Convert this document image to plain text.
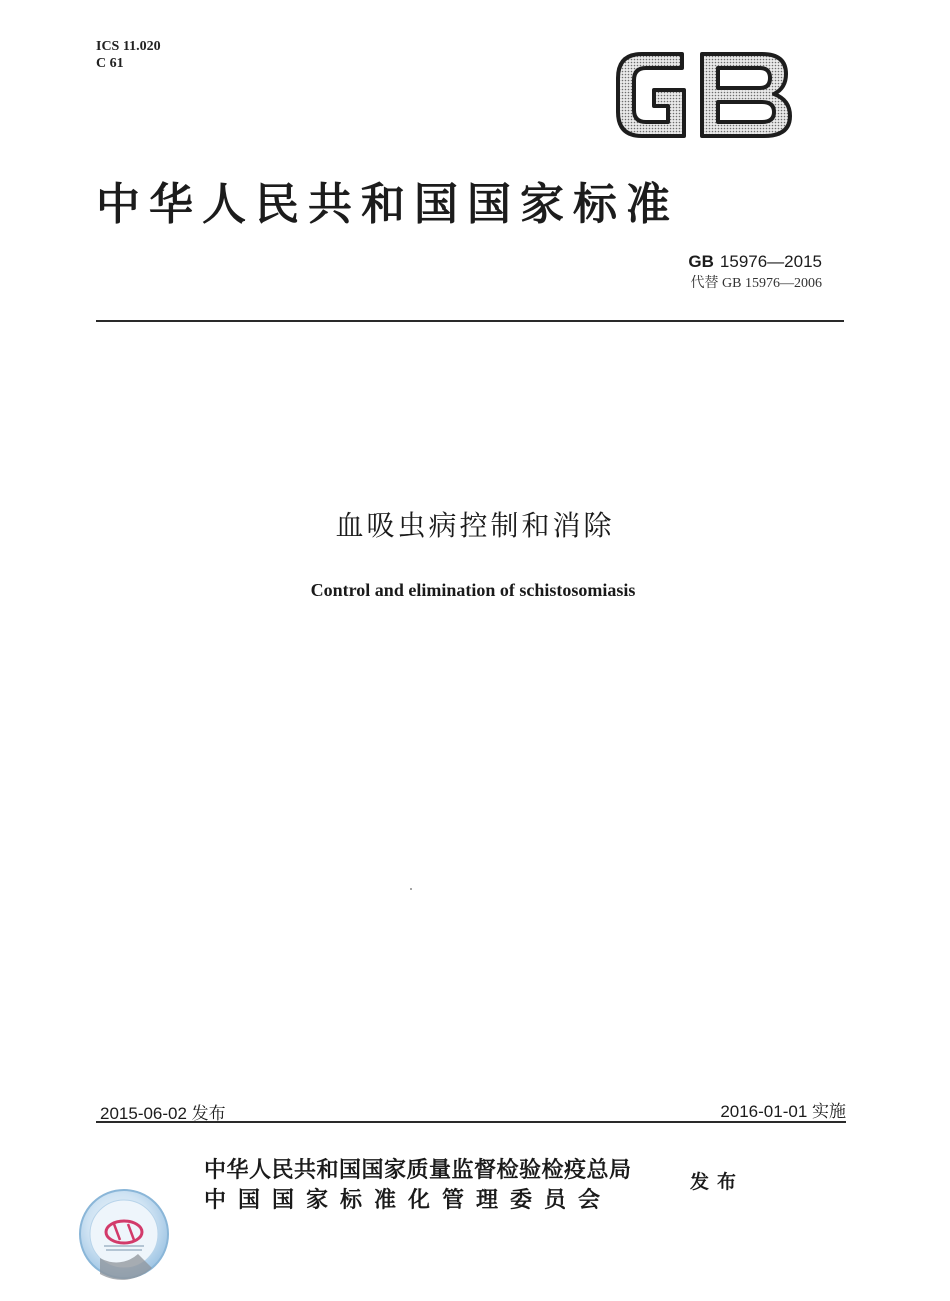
ICS 11.020
C 61
中华人民共和国国家标准
GB 15976—2015
代替 GB 15976—2006
血吸虫病控制和消除
Control and elimination of schistosomiasis
2015-06-02 发布	2016-01-01 实施
中华人民共和国国家质量监督检验检疫总局
中国国家标准化管理委员会
发布
